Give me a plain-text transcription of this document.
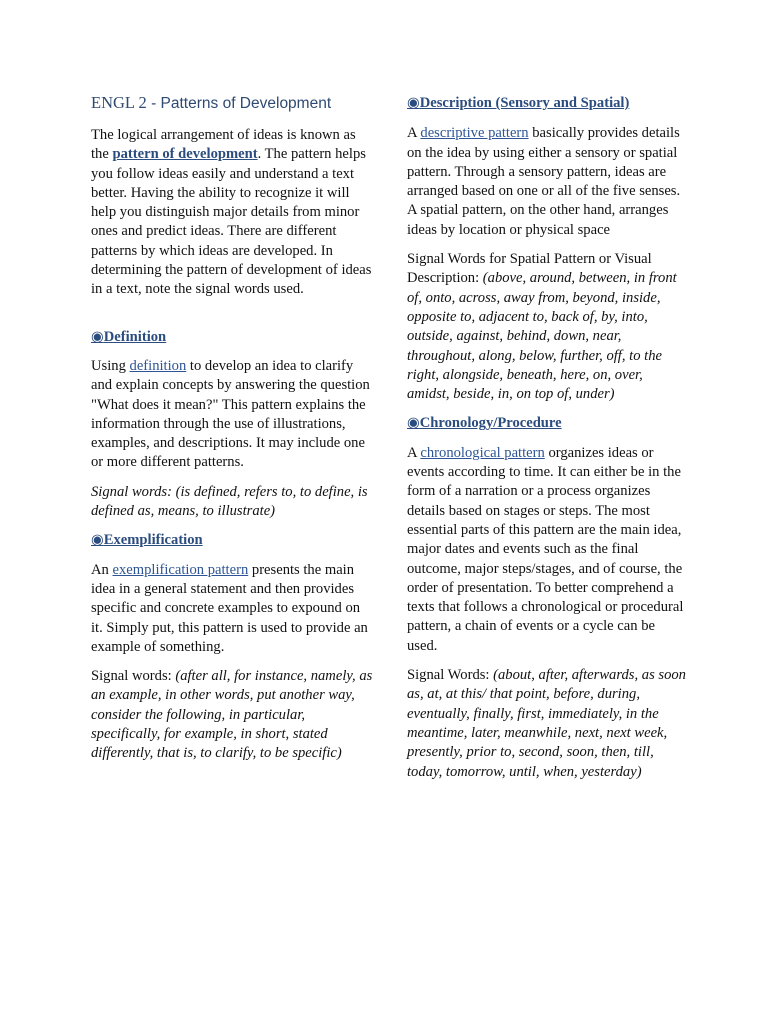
ENGL 2 - Patterns of Development

The logical arrangement of ideas is known as the pattern of development. The pattern helps you follow ideas easily and understand a text better. Having the ability to recognize it will help you distinguish major details from minor ones and predict ideas. There are different patterns by which ideas are developed. In determining the pattern of development of ideas in a text, note the signal words used.

◉Definition

Using definition to develop an idea to clarify and explain concepts by answering the question "What does it mean?" This pattern explains the information through the use of illustrations, examples, and descriptions. It may include one or more different patterns.

Signal words: (is defined, refers to, to define, is defined as, means, to illustrate)

◉Exemplification

An exemplification pattern presents the main idea in a general statement and then provides specific and concrete examples to expound on it. Simply put, this pattern is used to provide an example of something.

Signal words: (after all, for instance, namely, as an example, in other words, put another way, consider the following, in particular, specifically, for example, in short, stated differently, that is, to clarify, to be specific)

◉Description (Sensory and Spatial)

A descriptive pattern basically provides details on the idea by using either a sensory or spatial pattern. Through a sensory pattern, ideas are arranged based on one or all of the five senses. A spatial pattern, on the other hand, arranges ideas by location or physical space

Signal Words for Spatial Pattern or Visual Description: (above, around, between, in front of, onto, across, away from, beyond, inside, opposite to, adjacent to, back of, by, into, outside, against, behind, down, near, throughout, along, below, further, off, to the right, alongside, beneath, here, on, over, amidst, beside, in, on top of, under)

◉Chronology/Procedure

A chronological pattern organizes ideas or events according to time. It can either be in the form of a narration or a process organizes details based on stages or steps. The most essential parts of this pattern are the main idea, major dates and events such as the final outcome, major steps/stages, and of course, the order of presentation. To better comprehend a texts that follows a chronological or procedural pattern, a chain of events or a cycle can be used.

Signal Words: (about, after, afterwards, as soon as, at, at this/ that point, before, during, eventually, finally, first, immediately, in the meantime, later, meanwhile, next, next week, presently, prior to, second, soon, then, till, today, tomorrow, until, when, yesterday)
